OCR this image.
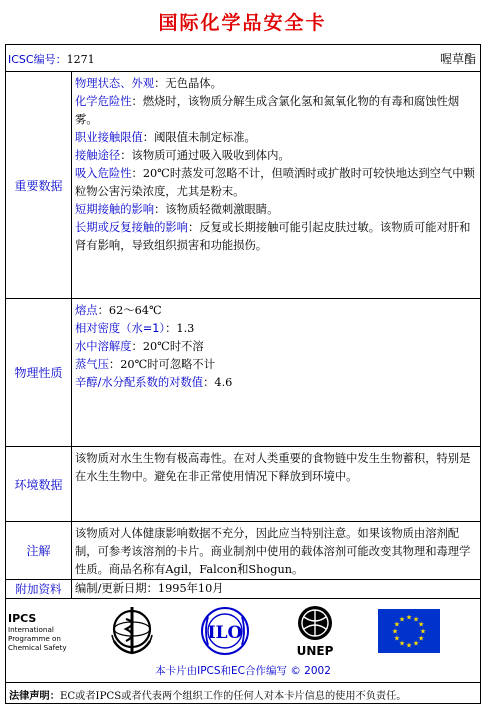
国际化学品安全卡
ICSC编号：1271	喔草酯
重要数据
物理状态、外观：无色晶体。
化学危险性：燃烧时，该物质分解生成含氯化氢和氮氧化物的有毒和腐蚀性烟雾。
职业接触限值：阈限值未制定标准。
接触途径：该物质可通过吸入吸收到体内。
吸入危险性：20℃时蒸发可忽略不计，但喷洒时或扩散时可较快地达到空气中颗粒物公害污染浓度，尤其是粉末。
短期接触的影响：该物质轻微刺激眼睛。
长期或反复接触的影响：反复或长期接触可能引起皮肤过敏。该物质可能对肝和肾有影响，导致组织损害和功能损伤。
物理性质
熔点：62～64℃
相对密度（水=1）：1.3
水中溶解度：20℃时不溶
蒸气压：20℃时可忽略不计
辛醇/水分配系数的对数值：4.6
环境数据
该物质对水生生物有极高毒性。在对人类重要的食物链中发生生物蓄积，特别是在水生生物中。避免在非正常使用情况下释放到环境中。
注解
该物质对人体健康影响数据不充分，因此应当特别注意。如果该物质由溶剂配制，可参考该溶剂的卡片。商业制剂中使用的载体溶剂可能改变其物理和毒理学性质。商品名称有Agil，Falcon和Shogun。
附加资料	编制/更新日期：1995年10月
IPCS
International
Programme on
Chemical Safety
ILO
UNEP
★ ★
★
★
★
★
★
★
★
★
★
★
本卡片由IPCS和EC合作编写 © 2002
法律声明：EC或者IPCS或者代表两个组织工作的任何人对本卡片信息的使用不负责任。
